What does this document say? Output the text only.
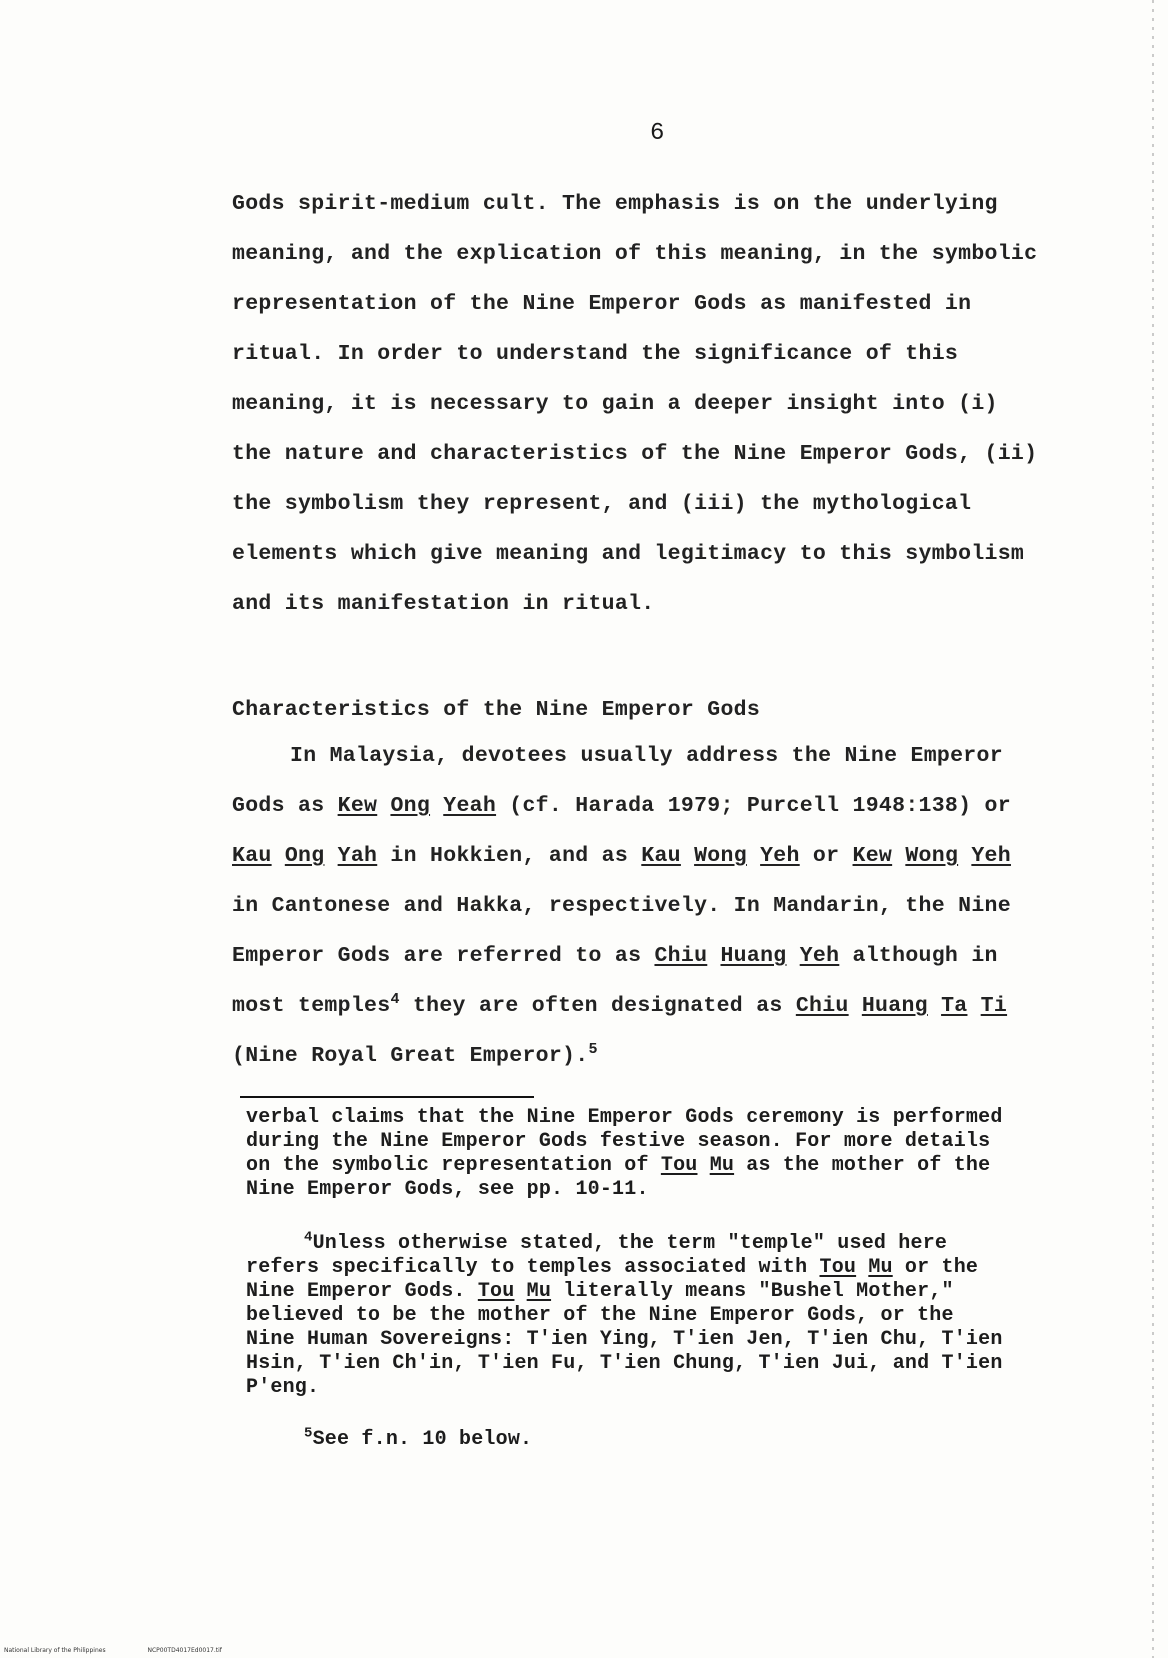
6
Gods spirit-medium cult. The emphasis is on the underlying
meaning, and the explication of this meaning, in the symbolic
representation of the Nine Emperor Gods as manifested in
ritual. In order to understand the significance of this
meaning, it is necessary to gain a deeper insight into (i)
the nature and characteristics of the Nine Emperor Gods, (ii)
the symbolism they represent, and (iii) the mythological
elements which give meaning and legitimacy to this symbolism
and its manifestation in ritual.
Characteristics of the Nine Emperor Gods
In Malaysia, devotees usually address the Nine Emperor
Gods as Kew Ong Yeah (cf. Harada 1979; Purcell 1948:138) or
Kau Ong Yah in Hokkien, and as Kau Wong Yeh or Kew Wong Yeh
in Cantonese and Hakka, respectively. In Mandarin, the Nine
Emperor Gods are referred to as Chiu Huang Yeh although in
most temples$^4$ they are often designated as Chiu Huang Ta Ti
(Nine Royal Great Emperor).$^5$
verbal claims that the Nine Emperor Gods ceremony is performed
during the Nine Emperor Gods festive season. For more details
on the symbolic representation of Tou Mu as the mother of the
Nine Emperor Gods, see pp. 10-11.
$^4$Unless otherwise stated, the term "temple" used here
refers specifically to temples associated with Tou Mu or the
Nine Emperor Gods. Tou Mu literally means "Bushel Mother,"
believed to be the mother of the Nine Emperor Gods, or the
Nine Human Sovereigns: T'ien Ying, T'ien Jen, T'ien Chu, T'ien
Hsin, T'ien Ch'in, T'ien Fu, T'ien Chung, T'ien Jui, and T'ien
P'eng.
$^5$See f.n. 10 below.
National Library of the Philippines	NCP00TD4017Ed0017.tif
